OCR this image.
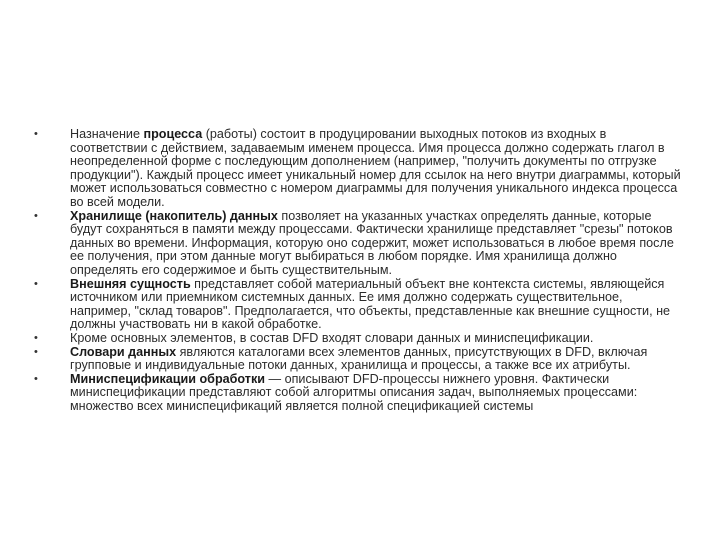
•	Назначение процесса (работы) состоит в продуцировании выходных потоков из входных в соответствии с действием, задаваемым именем процесса. Имя процесса должно содержать глагол в неопределенной форме с последующим дополнением (например, "получить документы по отгрузке продукции"). Каждый процесс имеет уникальный номер для ссылок на него внутри диаграммы, который может использоваться совместно с номером диаграммы для получения уникального индекса процесса во всей модели.
•	Хранилище (накопитель) данных позволяет на указанных участках определять данные, которые будут сохраняться в памяти между процессами. Фактически хранилище представляет "срезы" потоков данных во времени. Информация, которую оно содержит, может использоваться в любое время после ее получения, при этом данные могут выбираться в любом порядке. Имя хранилища должно определять его содержимое и быть существительным.
•	Внешняя сущность представляет собой материальный объект вне контекста системы, являющейся источником или приемником системных данных. Ее имя должно содержать существительное, например, "склад товаров". Предполагается, что объекты, представленные как внешние сущности, не должны участвовать ни в какой обработке.
•	Кроме основных элементов, в состав DFD входят словари данных и миниспецификации.
•	Словари данных являются каталогами всех элементов данных, присутствующих в DFD, включая групповые и индивидуальные потоки данных, хранилища и процессы, а также все их атрибуты.
•	Миниспецификации обработки — описывают DFD-процессы нижнего уровня. Фактически миниспецификации представляют собой алгоритмы описания задач, выполняемых процессами: множество всех миниспецификаций является полной спецификацией системы
